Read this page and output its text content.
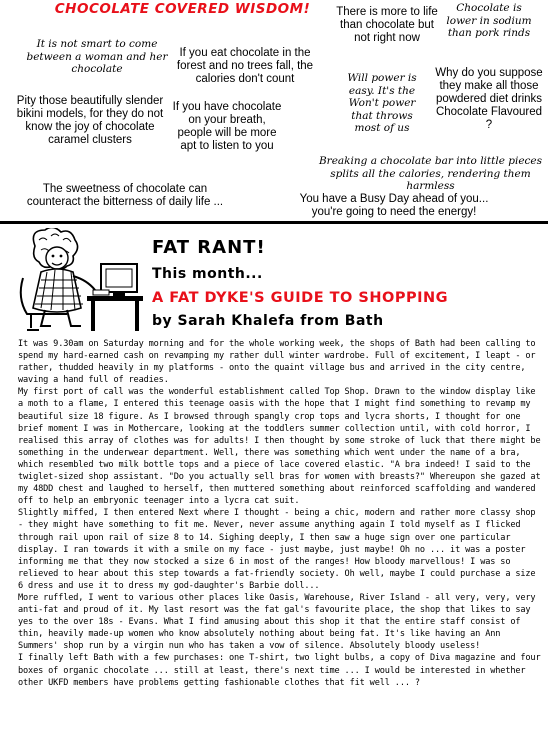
CHOCOLATE COVERED WISDOM!
It is not smart to come between a woman and her chocolate
Pity those beautifully slender bikini models, for they do not know the joy of chocolate caramel clusters
If you eat chocolate in the forest and no trees fall, the calories don't count
If you have chocolate on your breath, people will be more apt to listen to you
There is more to life than chocolate but not right now
Will power is easy. It's the Won't power that throws most of us
Chocolate is lower in sodium than pork rinds
Why do you suppose they make all those powdered diet drinks Chocolate Flavoured ?
Breaking a chocolate bar into little pieces splits all the calories, rendering them harmless
The sweetness of chocolate can counteract the bitterness of daily life ...	You have a Busy Day ahead of you... you're going to need the energy!
FAT RANT!
This month...
A FAT DYKE'S GUIDE TO SHOPPING
by Sarah Khalefa from Bath

It was 9.30am on Saturday morning and for the whole working week, the shops of Bath had been calling to spend my hard-earned cash on revamping my rather dull winter wardrobe. Full of excitement, I leapt - or rather, thudded heavily in my platforms - onto the quaint village bus and arrived in the city centre, waving a hand full of readies.

My first port of call was the wonderful establishment called Top Shop. Drawn to the window display like a moth to a flame, I entered this teenage oasis with the hope that I might find something to revamp my beautiful size 18 figure. As I browsed through spangly crop tops and lycra shorts, I thought for one brief moment I was in Mothercare, looking at the toddlers summer collection until, with cold horror, I realised this array of clothes was for adults! I then thought by some stroke of luck that there might be something in the underwear department. Well, there was something which went under the name of a bra, which resembled two milk bottle tops and a piece of lace covered elastic. "A bra indeed! I said to the twiglet-sized shop assistant. "Do you actually sell bras for women with breasts?" Whereupon she gazed at my 48DD chest and laughed to herself, then muttered something about reinforced scaffolding and wandered off to help an embryonic teenager into a lycra cat suit.

Slightly miffed, I then entered Next where I thought - being a chic, modern and rather more classy shop - they might have something to fit me. Never, never assume anything again I told myself as I flicked through rail upon rail of size 8 to 14. Sighing deeply, I then saw a huge sign over one particular display. I ran towards it with a smile on my face - just maybe, just maybe! Oh no ... it was a poster informing me that they now stocked a size 6 in most of the ranges! How bloody marvellous! I was so relieved to hear about this step towards a fat-friendly society. Oh well, maybe I could purchase a size 6 dress and use it to dress my god-daughter's Barbie doll...

More ruffled, I went to various other places like Oasis, Warehouse, River Island - all very, very, very anti-fat and proud of it. My last resort was the fat gal's favourite place, the shop that likes to say yes to the over 18s - Evans. What I find amusing about this shop it that the entire staff consist of thin, heavily made-up women who know absolutely nothing about being fat. It's like having an Ann Summers' shop run by a virgin nun who has taken a vow of silence. Absolutely bloody useless!

I finally left Bath with a few purchases: one T-shirt, two light bulbs, a copy of Diva magazine and four boxes of organic chocolate ... still at least, there's next time ... I would be interested in whether other UKFD members have problems getting fashionable clothes that fit well ... ?
